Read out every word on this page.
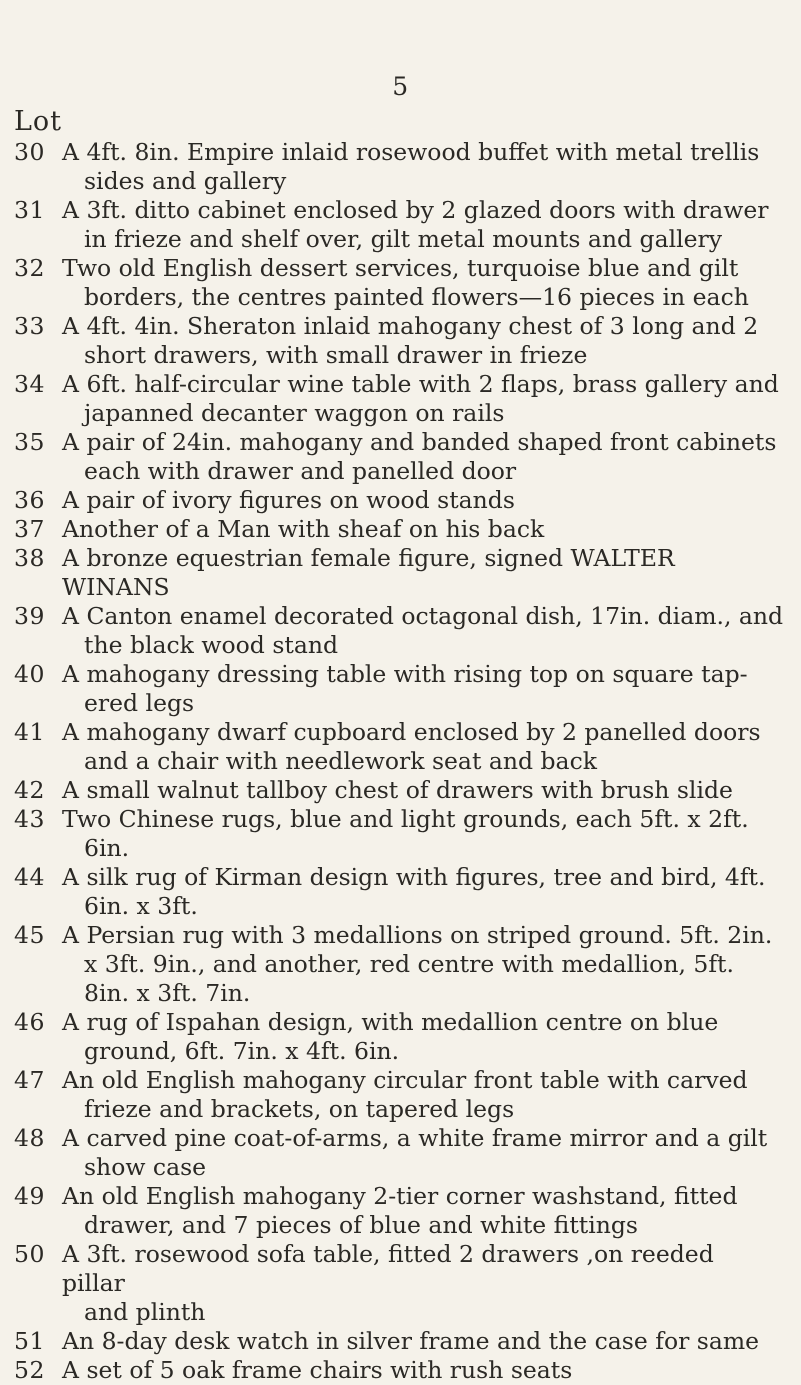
5
Lot
30 A 4ft. 8in. Empire inlaid rosewood buffet with metal trellis
sides and gallery
31 A 3ft. ditto cabinet enclosed by 2 glazed doors with drawer
in frieze and shelf over, gilt metal mounts and gallery
32 Two old English dessert services, turquoise blue and gilt
borders, the centres painted flowers—16 pieces in each
33 A 4ft. 4in. Sheraton inlaid mahogany chest of 3 long and 2
short drawers, with small drawer in frieze
34 A 6ft. half-circular wine table with 2 flaps, brass gallery and
japanned decanter waggon on rails
35 A pair of 24in. mahogany and banded shaped front cabinets
each with drawer and panelled door
36 A pair of ivory figures on wood stands
37 Another of a Man with sheaf on his back
38 A bronze equestrian female figure, signed WALTER WINANS
39 A Canton enamel decorated octagonal dish, 17in. diam., and
the black wood stand
40 A mahogany dressing table with rising top on square tap-
ered legs
41 A mahogany dwarf cupboard enclosed by 2 panelled doors
and a chair with needlework seat and back
42 A small walnut tallboy chest of drawers with brush slide
43 Two Chinese rugs, blue and light grounds, each 5ft. x 2ft.
6in.
44 A silk rug of Kirman design with figures, tree and bird, 4ft.
6in. x 3ft.
45 A Persian rug with 3 medallions on striped ground. 5ft. 2in.
x 3ft. 9in., and another, red centre with medallion, 5ft.
8in. x 3ft. 7in.
46 A rug of Ispahan design, with medallion centre on blue
ground, 6ft. 7in. x 4ft. 6in.
47 An old English mahogany circular front table with carved
frieze and brackets, on tapered legs
48 A carved pine coat-of-arms, a white frame mirror and a gilt
show case
49 An old English mahogany 2-tier corner washstand, fitted
drawer, and 7 pieces of blue and white fittings
50 A 3ft. rosewood sofa table, fitted 2 drawers ,on reeded pillar
and plinth
51 An 8-day desk watch in silver frame and the case for same
52 A set of 5 oak frame chairs with rush seats
